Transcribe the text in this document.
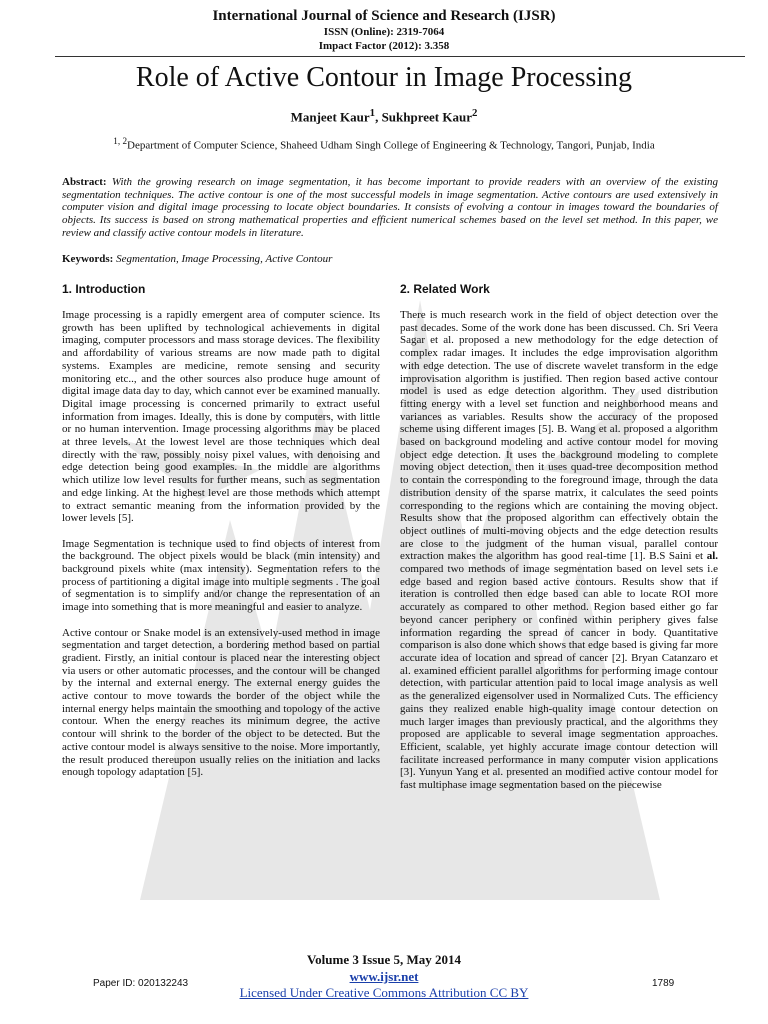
International Journal of Science and Research (IJSR)
ISSN (Online): 2319-7064
Impact Factor (2012): 3.358
Role of Active Contour in Image Processing
Manjeet Kaur$^1$, Sukhpreet Kaur$^2$
$^{1, 2}$Department of Computer Science, Shaheed Udham Singh College of Engineering & Technology, Tangori, Punjab, India
Abstract: With the growing research on image segmentation, it has become important to provide readers with an overview of the existing segmentation techniques. The active contour is one of the most successful models in image segmentation. Active contours are used extensively in computer vision and digital image processing to locate object boundaries. It consists of evolving a contour in images toward the boundaries of objects. Its success is based on strong mathematical properties and efficient numerical schemes based on the level set method. In this paper, we review and classify active contour models in literature.
Keywords: Segmentation, Image Processing, Active Contour
1. Introduction	2. Related Work

Image processing is a rapidly emergent area of computer science. Its growth has been uplifted by technological achievements in digital imaging, computer processors and mass storage devices. The flexibility and affordability of various streams are now made path to digital systems. Examples are medicine, remote sensing and security monitoring etc.., and the other sources also produce huge amount of digital image data day to day, which cannot ever be examined manually. Digital image processing is concerned primarily to extract useful information from images. Ideally, this is done by computers, with little or no human intervention. Image processing algorithms may be placed at three levels. At the lowest level are those techniques which deal directly with the raw, possibly noisy pixel values, with denoising and edge detection being good examples. In the middle are algorithms which utilize low level results for further means, such as segmentation and edge linking. At the highest level are those methods which attempt to extract semantic meaning from the information provided by the lower levels [5].

Image Segmentation is technique used to find objects of interest from the background. The object pixels would be black (min intensity) and background pixels white (max intensity). Segmentation refers to the process of partitioning a digital image into multiple segments . The goal of segmentation is to simplify and/or change the representation of an image into something that is more meaningful and easier to analyze.

Active contour or Snake model is an extensively-used method in image segmentation and target detection, a bordering method based on partial gradient. Firstly, an initial contour is placed near the interesting object via users or other automatic processes, and the contour will be changed by the internal and external energy. The external energy guides the active contour to move towards the border of the object while the internal energy helps maintain the smoothing and topology of the active contour. When the energy reaches its minimum degree, the active contour will shrink to the border of the object to be detected. But the active contour model is always sensitive to the noise. More importantly, the result produced thereupon usually relies on the initiation and lacks enough topology adaptation [5].

There is much research work in the field of object detection over the past decades. Some of the work done has been discussed. Ch. Sri Veera Sagar et al. proposed a new methodology for the edge detection of complex radar images. It includes the edge improvisation algorithm with edge detection. The use of discrete wavelet transform in the edge improvisation algorithm is justified. Then region based active contour model is used as edge detection algorithm. They used distribution fitting energy with a level set function and neighborhood means and variances as variables. Results show the accuracy of the proposed scheme using different images [5]. B. Wang et al. proposed a algorithm based on background modeling and active contour model for moving object edge detection. It uses the background modeling to complete moving object detection, then it uses quad-tree decomposition method to contain the corresponding to the foreground image, through the data distribution density of the sparse matrix, it calculates the seed points corresponding to the regions which are containing the moving object. Results show that the proposed algorithm can effectively obtain the object outlines of multi-moving objects and the edge detection results are close to the judgment of the human visual, parallel contour extraction makes the algorithm has good real-time [1]. B.S Saini et al. compared two methods of image segmentation based on level sets i.e edge based and region based active contours. Results show that if iteration is controlled then edge based can able to locate ROI more accurately as compared to other method. Region based either go far beyond cancer periphery or confined within periphery gives false information regarding the spread of cancer in body. Quantitative comparison is also done which shows that edge based is giving far more accurate idea of location and spread of cancer [2]. Bryan Catanzaro et al. examined efficient parallel algorithms for performing image contour detection, with particular attention paid to local image analysis as well as the generalized eigensolver used in Normalized Cuts. The efficiency gains they realized enable high-quality image contour detection on much larger images than previously practical, and the algorithms they proposed are applicable to several image segmentation approaches. Efficient, scalable, yet highly accurate image contour detection will facilitate increased performance in many computer vision applications [3]. Yunyun Yang et al. presented an modified active contour model for fast multiphase image segmentation based on the piecewise

Volume 3 Issue 5, May 2014
www.ijsr.net
Licensed Under Creative Commons Attribution CC BY
Paper ID: 020132243	1789
